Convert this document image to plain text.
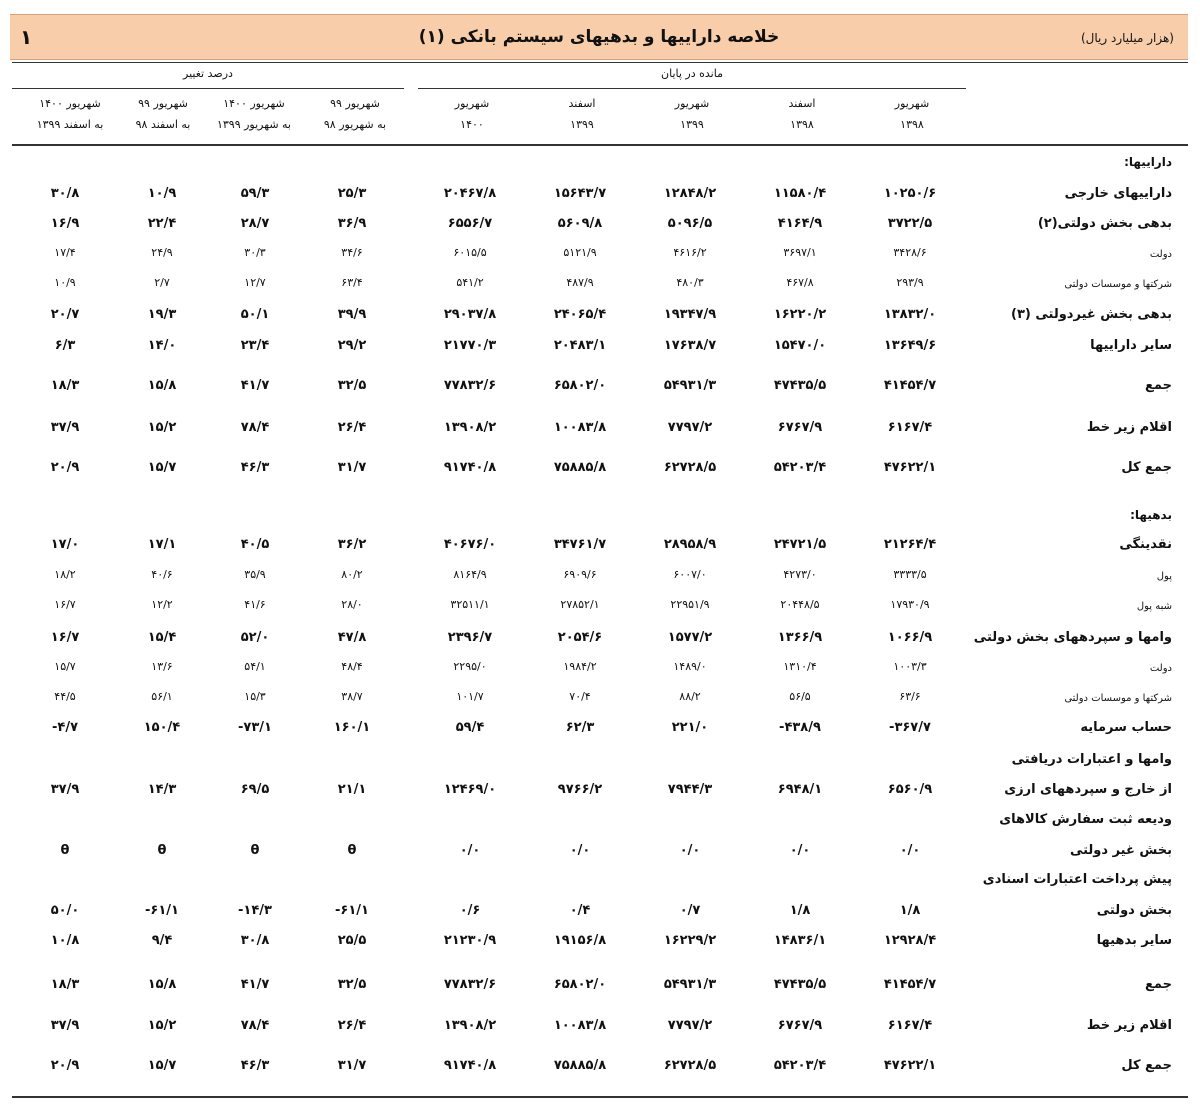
۱	خلاصه داراییها و بدهیهای سیستم بانکی (۱)	(هزار میلیارد ریال)
مانده در پایان
درصد تغییر
شهریور
۱۳۹۸
اسفند
۱۳۹۸
شهریور
۱۳۹۹
اسفند
۱۳۹۹
شهریور
۱۴۰۰
شهریور ۹۹
به شهریور ۹۸
شهریور ۱۴۰۰
به شهریور ۱۳۹۹
شهریور ۹۹
به اسفند ۹۸
شهریور ۱۴۰۰
به اسفند ۱۳۹۹
داراییها:
داراییهای خارجی
۱۰۲۵۰/۶
۱۱۵۸۰/۴
۱۲۸۴۸/۲
۱۵۶۴۳/۷
۲۰۴۶۷/۸
۲۵/۳
۵۹/۳
۱۰/۹
۳۰/۸
بدهی بخش دولتی(۲)
۳۷۲۲/۵
۴۱۶۴/۹
۵۰۹۶/۵
۵۶۰۹/۸
۶۵۵۶/۷
۳۶/۹
۲۸/۷
۲۲/۴
۱۶/۹
دولت
۳۴۲۸/۶
۳۶۹۷/۱
۴۶۱۶/۲
۵۱۲۱/۹
۶۰۱۵/۵
۳۴/۶
۳۰/۳
۲۴/۹
۱۷/۴
شرکتها و موسسات دولتی
۲۹۳/۹
۴۶۷/۸
۴۸۰/۳
۴۸۷/۹
۵۴۱/۲
۶۳/۴
۱۲/۷
۲/۷
۱۰/۹
بدهی بخش غیردولتی (۳)
۱۳۸۳۲/۰
۱۶۲۲۰/۲
۱۹۳۴۷/۹
۲۴۰۶۵/۴
۲۹۰۳۷/۸
۳۹/۹
۵۰/۱
۱۹/۳
۲۰/۷
سایر داراییها
۱۳۶۴۹/۶
۱۵۴۷۰/۰
۱۷۶۳۸/۷
۲۰۴۸۳/۱
۲۱۷۷۰/۳
۲۹/۲
۲۳/۴
۱۴/۰
۶/۳
جمع
۴۱۴۵۴/۷
۴۷۴۳۵/۵
۵۴۹۳۱/۳
۶۵۸۰۲/۰
۷۷۸۳۲/۶
۳۲/۵
۴۱/۷
۱۵/۸
۱۸/۳
اقلام زیر خط
۶۱۶۷/۴
۶۷۶۷/۹
۷۷۹۷/۲
۱۰۰۸۳/۸
۱۳۹۰۸/۲
۲۶/۴
۷۸/۴
۱۵/۲
۳۷/۹
جمع کل
۴۷۶۲۲/۱
۵۴۲۰۳/۴
۶۲۷۲۸/۵
۷۵۸۸۵/۸
۹۱۷۴۰/۸
۳۱/۷
۴۶/۳
۱۵/۷
۲۰/۹
بدهیها:
نقدینگی
۲۱۲۶۴/۴
۲۴۷۲۱/۵
۲۸۹۵۸/۹
۳۴۷۶۱/۷
۴۰۶۷۶/۰
۳۶/۲
۴۰/۵
۱۷/۱
۱۷/۰
پول
۳۳۳۳/۵
۴۲۷۳/۰
۶۰۰۷/۰
۶۹۰۹/۶
۸۱۶۴/۹
۸۰/۲
۳۵/۹
۴۰/۶
۱۸/۲
شبه پول
۱۷۹۳۰/۹
۲۰۴۴۸/۵
۲۲۹۵۱/۹
۲۷۸۵۲/۱
۳۲۵۱۱/۱
۲۸/۰
۴۱/۶
۱۲/۲
۱۶/۷
وامها و سپردههای بخش دولتی
۱۰۶۶/۹
۱۳۶۶/۹
۱۵۷۷/۲
۲۰۵۴/۶
۲۳۹۶/۷
۴۷/۸
۵۲/۰
۱۵/۴
۱۶/۷
دولت
۱۰۰۳/۳
۱۳۱۰/۴
۱۴۸۹/۰
۱۹۸۴/۲
۲۲۹۵/۰
۴۸/۴
۵۴/۱
۱۳/۶
۱۵/۷
شرکتها و موسسات دولتی
۶۳/۶
۵۶/۵
۸۸/۲
۷۰/۴
۱۰۱/۷
۳۸/۷
۱۵/۳
۵۶/۱
۴۴/۵
حساب سرمایه
-۳۶۷/۷
-۴۳۸/۹
۲۲۱/۰
۶۲/۳
۵۹/۴
۱۶۰/۱
-۷۳/۱
۱۵۰/۴
-۴/۷
وامها و اعتبارات دریافتی
از خارج و سپردههای ارزی
۶۵۶۰/۹
۶۹۴۸/۱
۷۹۴۴/۳
۹۷۶۶/۲
۱۲۴۶۹/۰
۲۱/۱
۶۹/۵
۱۴/۳
۳۷/۹
ودیعه ثبت سفارش کالاهای
بخش غیر دولتی
۰/۰
۰/۰
۰/۰
۰/۰
۰/۰
θ
θ
θ
θ
پیش پرداخت اعتبارات اسنادی
بخش دولتی
۱/۸
۱/۸
۰/۷
۰/۴
۰/۶
-۶۱/۱
-۱۴/۳
-۶۱/۱
۵۰/۰
سایر بدهیها
۱۲۹۲۸/۴
۱۴۸۳۶/۱
۱۶۲۲۹/۲
۱۹۱۵۶/۸
۲۱۲۳۰/۹
۲۵/۵
۳۰/۸
۹/۴
۱۰/۸
جمع
۴۱۴۵۴/۷
۴۷۴۳۵/۵
۵۴۹۳۱/۳
۶۵۸۰۲/۰
۷۷۸۳۲/۶
۳۲/۵
۴۱/۷
۱۵/۸
۱۸/۳
اقلام زیر خط
۶۱۶۷/۴
۶۷۶۷/۹
۷۷۹۷/۲
۱۰۰۸۳/۸
۱۳۹۰۸/۲
۲۶/۴
۷۸/۴
۱۵/۲
۳۷/۹
جمع کل
۴۷۶۲۲/۱
۵۴۲۰۳/۴
۶۲۷۲۸/۵
۷۵۸۸۵/۸
۹۱۷۴۰/۸
۳۱/۷
۴۶/۳
۱۵/۷
۲۰/۹
